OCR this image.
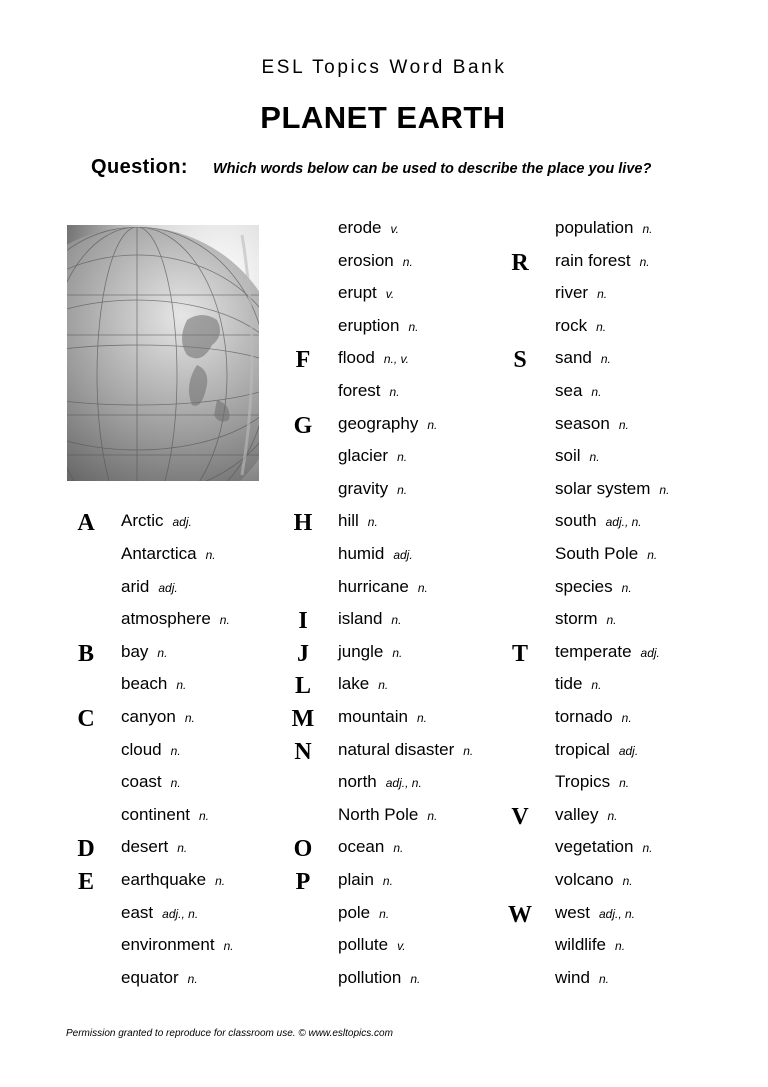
ESL Topics Word Bank
PLANET EARTH
Question: Which words below can be used to describe the place you live?
Arctic adj.
A
Antarctica n.
arid adj.
atmosphere n.
bay n.
B
beach n.
canyon n.
C
cloud n.
coast n.
continent n.
desert n.
D
earthquake n.
E
east adj., n.
environment n.
equator n.
erode v.
erosion n.
erupt v.
eruption n.
flood n., v.
F
forest n.
geography n.
G
glacier n.
gravity n.
hill n.
H
humid adj.
hurricane n.
island n.
I
jungle n.
J
lake n.
L
mountain n.
M
natural disaster n.
N
north adj., n.
North Pole n.
ocean n.
O
plain n.
P
pole n.
pollute v.
pollution n.
population n.
rain forest n.
R
river n.
rock n.
sand n.
S
sea n.
season n.
soil n.
solar system n.
south adj., n.
South Pole n.
species n.
storm n.
temperate adj.
T
tide n.
tornado n.
tropical adj.
Tropics n.
valley n.
V
vegetation n.
volcano n.
west adj., n.
W
wildlife n.
wind n.
Permission granted to reproduce for classroom use. © www.esltopics.com
